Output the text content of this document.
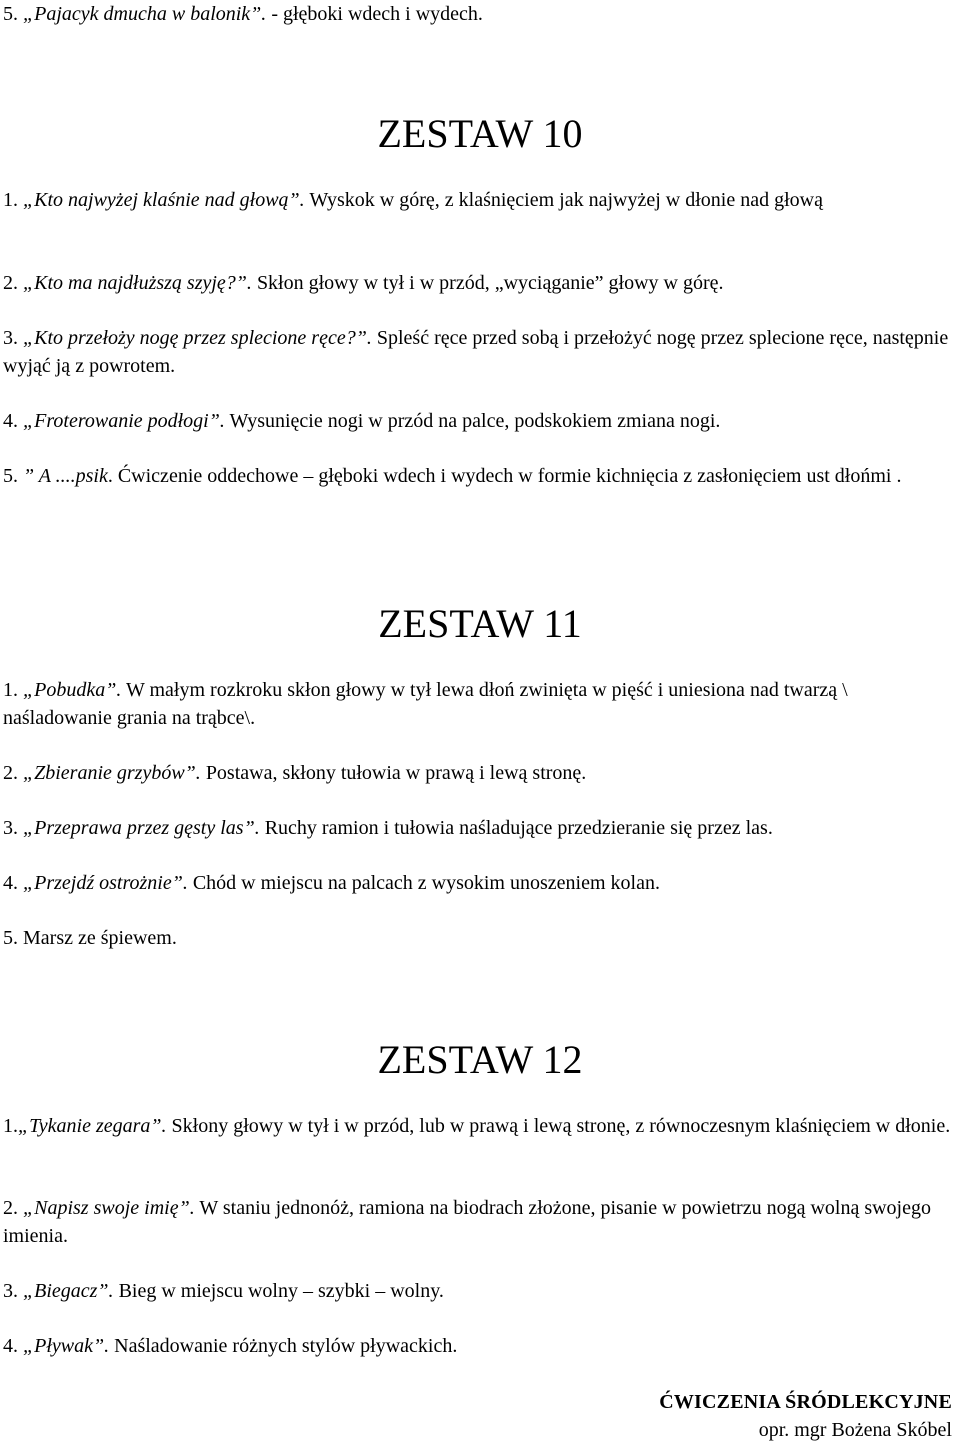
5. „Pajacyk dmucha w balonik”. - głęboki wdech i wydech.

ZESTAW 10

1. „Kto najwyżej klaśnie nad głową”. Wyskok w górę, z klaśnięciem jak najwyżej w dłonie nad głową

2. „Kto ma najdłuższą szyję?”. Skłon głowy w tył i w przód, „wyciąganie” głowy w górę.

3. „Kto przełoży nogę przez splecione ręce?”. Spleść ręce przed sobą i przełożyć nogę przez splecione ręce, następnie wyjąć ją z powrotem.

4. „Froterowanie podłogi”. Wysunięcie nogi w przód na palce, podskokiem zmiana nogi.

5. ” A ....psik. Ćwiczenie oddechowe – głęboki wdech i wydech w formie kichnięcia z zasłonięciem ust dłońmi .

ZESTAW 11

1. „Pobudka”. W małym rozkroku skłon głowy w tył lewa dłoń zwinięta w pięść i uniesiona nad twarzą \ naśladowanie grania na trąbce\.

2. „Zbieranie grzybów”. Postawa, skłony tułowia w prawą i lewą stronę.

3. „Przeprawa przez gęsty las”. Ruchy ramion i tułowia naśladujące przedzieranie się przez las.

4. „Przejdź ostrożnie”. Chód w miejscu na palcach z wysokim unoszeniem kolan.

5. Marsz ze śpiewem.

ZESTAW 12

1.„Tykanie zegara”. Skłony głowy w tył i w przód, lub w prawą i lewą stronę, z równoczesnym klaśnięciem w dłonie.

2. „Napisz swoje imię”. W staniu jednonóż, ramiona na biodrach złożone, pisanie w powietrzu nogą wolną swojego imienia.

3. „Biegacz”. Bieg w miejscu wolny – szybki – wolny.

4. „Pływak”. Naśladowanie różnych stylów pływackich.

ĆWICZENIA ŚRÓDLEKCYJNE
opr. mgr Bożena Skóbel
